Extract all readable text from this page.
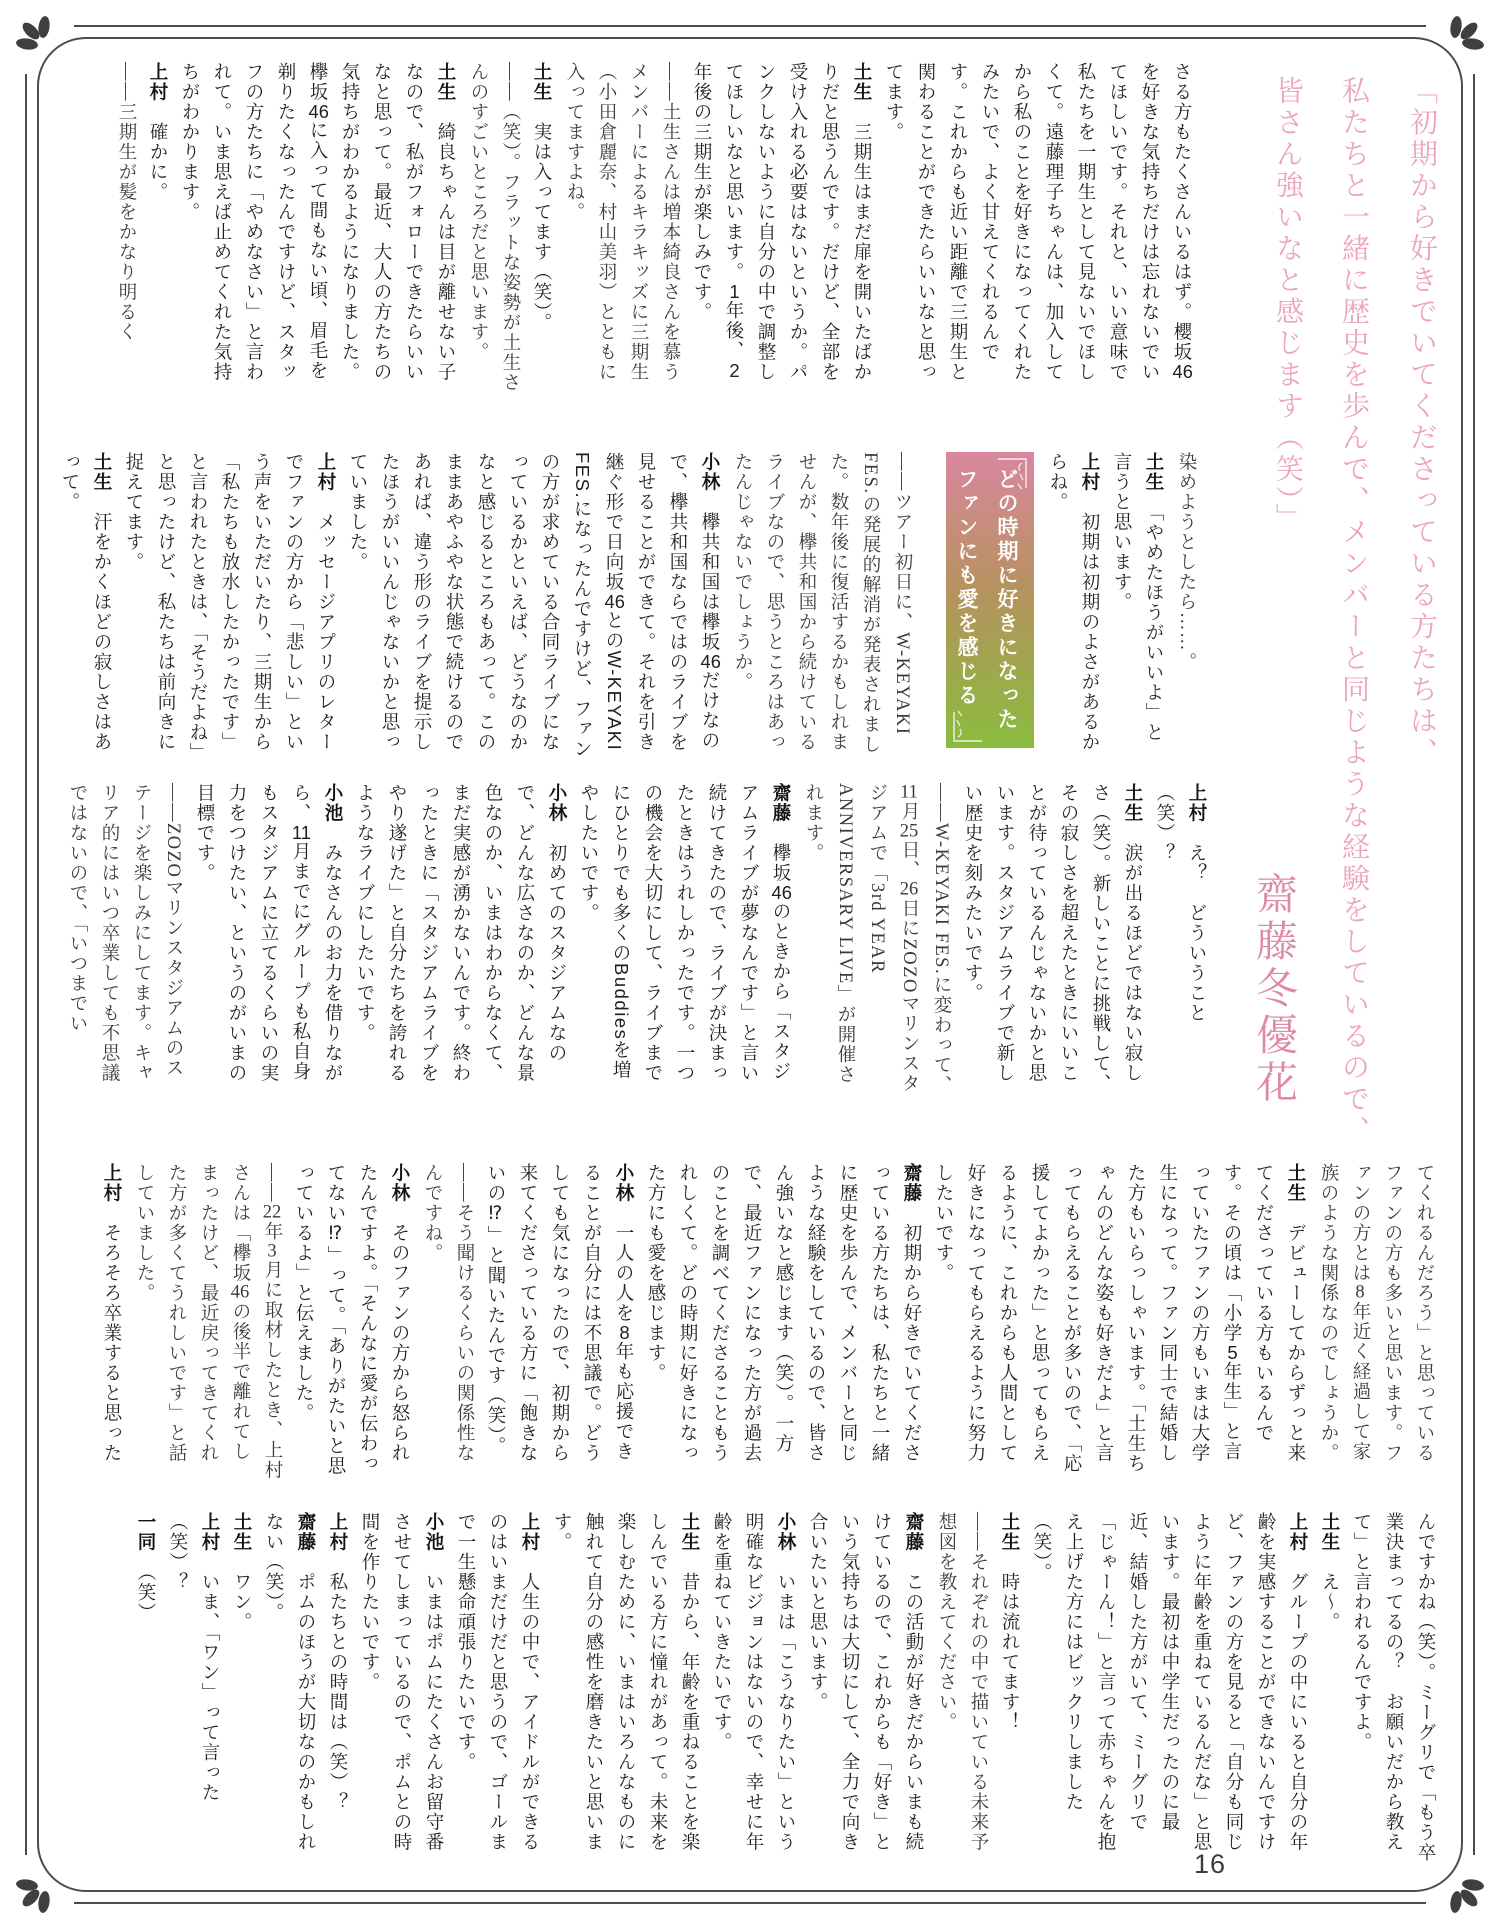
「初期から好きでいてくださっている方たちは、
私たちと一緒に歴史を歩んで、メンバーと同じような経験をしているので、
皆さん強いなと感じます（笑）」
齋藤冬優花
どの時期に好きになった
ファンにも愛を感じる
さる方もたくさんいるはず。櫻坂46を好きな気持ちだけは忘れないでいてほしいです。それと、いい意味で私たちを一期生として見ないでほしくて。遠藤理子ちゃんは、加入してから私のことを好きになってくれたみたいで、よく甘えてくれるんです。これからも近い距離で三期生と関わることができたらいいなと思ってます。
土生　三期生はまだ扉を開いたばかりだと思うんです。だけど、全部を受け入れる必要はないというか。パンクしないように自分の中で調整してほしいなと思います。1年後、2年後の三期生が楽しみです。
——土生さんは増本綺良さんを慕うメンバーによるキラキッズに三期生（小田倉麗奈、村山美羽）とともに入ってますよね。
土生　実は入ってます（笑）。
——（笑）。フラットな姿勢が土生さんのすごいところだと思います。
土生　綺良ちゃんは目が離せない子なので、私がフォローできたらいいなと思って。最近、大人の方たちの気持ちがわかるようになりました。欅坂46に入って間もない頃、眉毛を剃りたくなったんですけど、スタッフの方たちに「やめなさい」と言われて。いま思えば止めてくれた気持ちがわかります。
上村　確かに。
——三期生が髪をかなり明るく
染めようとしたら……。
土生　「やめたほうがいいよ」と言うと思います。
上村　初期は初期のよさがあるからね。
——ツアー初日に、W-KEYAKI FES.の発展的解消が発表されました。数年後に復活するかもしれませんが、欅共和国から続けているライブなので、思うところはあったんじゃないでしょうか。
小林　欅共和国は欅坂46だけなので、欅共和国ならではのライブを見せることができて。それを引き継ぐ形で日向坂46とのW-KEYAKI FES.になったんですけど、ファンの方が求めている合同ライブになっているかといえば、どうなのかなと感じるところもあって。このままあやふやな状態で続けるのであれば、違う形のライブを提示したほうがいいんじゃないかと思っていました。
上村　メッセージアプリのレターでファンの方から「悲しい」という声をいただいたり、三期生から「私たちも放水したかったです」と言われたときは、「そうだよね」と思ったけど、私たちは前向きに捉えてます。
土生　汗をかくほどの寂しさはあって。
上村　え？　どういうこと（笑）？
土生　涙が出るほどではない寂しさ（笑）。新しいことに挑戦して、その寂しさを超えたときにいいことが待っているんじゃないかと思います。スタジアムライブで新しい歴史を刻みたいです。
——W-KEYAKI FES.に変わって、11月25日、26日にZOZOマリンスタジアムで「3rd YEAR ANNIVERSARY LIVE」が開催されます。
齋藤　欅坂46のときから「スタジアムライブが夢なんです」と言い続けてきたので、ライブが決まったときはうれしかったです。一つの機会を大切にして、ライブまでにひとりでも多くのBuddiesを増やしたいです。
小林　初めてのスタジアムなので、どんな広さなのか、どんな景色なのか、いまはわからなくて、まだ実感が湧かないんです。終わったときに「スタジアムライブをやり遂げた」と自分たちを誇れるようなライブにしたいです。
小池　みなさんのお力を借りながら、11月までにグループも私自身もスタジアムに立てるくらいの実力をつけたい、というのがいまの目標です。
——ZOZOマリンスタジアムのステージを楽しみにしてます。キャリア的にはいつ卒業しても不思議ではないので、「いつまでい
てくれるんだろう」と思っているファンの方も多いと思います。ファンの方とは8年近く経過して家族のような関係なのでしょうか。
土生　デビューしてからずっと来てくださっている方もいるんです。その頃は「小学5年生」と言っていたファンの方もいまは大学生になって。ファン同士で結婚した方もいらっしゃいます。「土生ちゃんのどんな姿も好きだよ」と言ってもらえることが多いので、「応援してよかった」と思ってもらえるように、これからも人間として好きになってもらえるように努力したいです。
齋藤　初期から好きでいてくださっている方たちは、私たちと一緒に歴史を歩んで、メンバーと同じような経験をしているので、皆さん強いなと感じます（笑）。一方で、最近ファンになった方が過去のことを調べてくださることもうれしくて。どの時期に好きになった方にも愛を感じます。
小林　一人の人を8年も応援できることが自分には不思議で。どうしても気になったので、初期から来てくださっている方に「飽きないの⁉」と聞いたんです（笑）。
——そう聞けるくらいの関係性なんですね。
小林　そのファンの方から怒られたんですよ。「そんなに愛が伝わってない⁉」って。「ありがたいと思っているよ」と伝えました。
——22年3月に取材したとき、上村さんは「欅坂46の後半で離れてしまったけど、最近戻ってきてくれた方が多くてうれしいです」と話していました。
上村　そろそろ卒業すると思った
んですかね（笑）。ミーグリで「もう卒業決まってるの？　お願いだから教えて」と言われるんですよ。
土生　え〜。
上村　グループの中にいると自分の年齢を実感することができないんですけど、ファンの方を見ると「自分も同じように年齢を重ねているんだな」と思います。最初は中学生だったのに最近、結婚した方がいて、ミーグリで「じゃーん！」と言って赤ちゃんを抱え上げた方にはビックリしました（笑）。
土生　時は流れてます！
——それぞれの中で描いている未来予想図を教えてください。
齋藤　この活動が好きだからいまも続けているので、これからも「好き」という気持ちは大切にして、全力で向き合いたいと思います。
小林　いまは「こうなりたい」という明確なビジョンはないので、幸せに年齢を重ねていきたいです。
土生　昔から、年齢を重ねることを楽しんでいる方に憧れがあって。未来を楽しむために、いまはいろんなものに触れて自分の感性を磨きたいと思います。
上村　人生の中で、アイドルができるのはいまだけだと思うので、ゴールまで一生懸命頑張りたいです。
小池　いまはポムにたくさんお留守番させてしまっているので、ポムとの時間を作りたいです。
上村　私たちとの時間は（笑）？
齋藤　ポムのほうが大切なのかもしれない（笑）。
土生　ワン。
上村　いま、「ワン」って言った（笑）？
一同　（笑）
16
